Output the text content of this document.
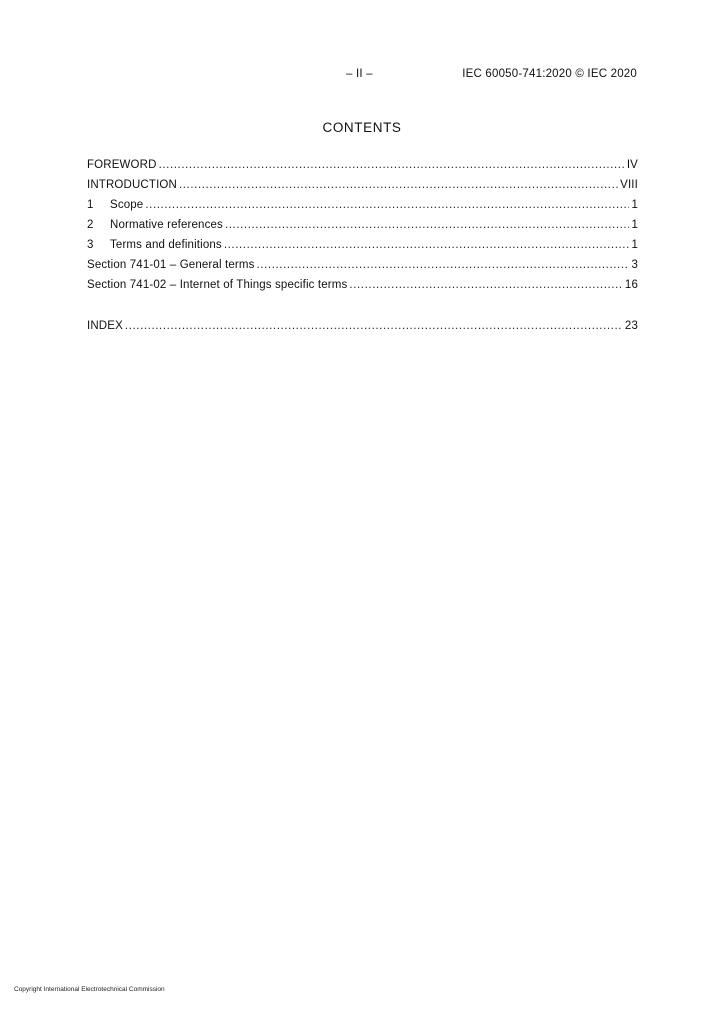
– II –	IEC 60050-741:2020 © IEC 2020
CONTENTS
FOREWORD .....	IV
INTRODUCTION .....	VIII
1	Scope .....	1
2	Normative references .....	1
3	Terms and definitions .....	1
Section 741-01 – General terms .....	3
Section 741-02 – Internet of Things specific terms .....	16
INDEX .....	23
Copyright International Electrotechnical Commission
